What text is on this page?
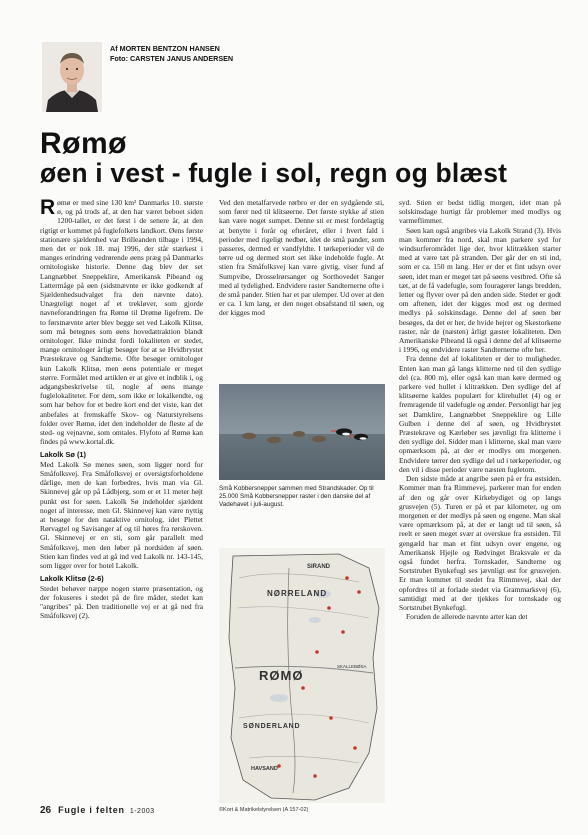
Af MORTEN BENTZON HANSEN
Foto: CARSTEN JANUS ANDERSEN
Rømø
øen i vest - fugle i sol, regn og blæst

Rømø er med sine 130 km² Danmarks 10. største ø, og på trods af, at den har været beboet siden 1200-tallet, er det først i de senere år, at den rigtigt er kommet på fuglefolkets landkort. Øens første stationære sjældenhed var Brilleanden tilbage i 1994, men det er nok 18. maj 1996, der står stærkest i manges erindring vedrørende øens præg på Danmarks ornitologiske historie. Denne dag blev der set Langnæbbet Sneppeklire, Amerikansk Pibeand og Lattermåge på øen (sidstnævnte er ikke godkendt af Sjældenhedsudvalget fra den nævnte dato). Unægteligt noget af et trekløver, som gjorde navneforandringen fra Rømø til Drømø ligefrem. De to førstnævnte arter blev begge set ved Lakolk Klitsø, som må betegnes som øens hovedattraktion blandt ornitologer. Ikke mindst fordi lokaliteten er stedet, mange ornitologer årligt besøger for at se Hvidbrystet Præstekrave og Sandterne. Ofte besøger ornitologer kun Lakolk Klitsø, men øens potentiale er meget større. Formålet med artiklen er at give et indblik i, og adgangsbeskrivelse til, nogle af øens mange fuglelokaliteter. For dem, som ikke er lokalkendte, og som har behov for et bedre kort end det viste, kan det anbefales at fremskaffe Skov- og Naturstyrelsens folder over Rømø, idet den indeholder de fleste af de sted- og vejnavne, som omtales. Flyfoto af Rømø kan findes på www.kortal.dk.

Lakolk Sø (1)

Med Lakolk Sø menes søen, som ligger nord for Småfolksvej. Fra Småfolksvej er oversigtsforholdene dårlige, men de kan forbedres, hvis man via Gl. Skinnevej går op på Lådbjerg, som er et 11 meter højt punkt øst for søen. Lakolk Sø indeholder sjældent noget af interesse, men Gl. Skinnevej kan være nyttig at besøge for den nataktive ornitolog, idet Plettet Rørvagtel og Savisanger af og til høres fra rørskoven. Gl. Skinnevej er en sti, som går parallelt med Småfolksvej, men den løber på nordsiden af søen. Stien kan findes ved at gå ind ved Lakolk nr. 143-145, som ligger over for hotel Lakolk.

Lakolk Klitsø (2-6)

Stedet behøver næppe nogen større præsentation, og der fokuseres i stedet på de fire måder, stedet kan "angribes" på. Den traditionelle vej er at gå ned fra Småfolksvej (2).

Ved den metalfarvede rørbro er der en sydgående sti, som fører ned til klitsøerne. Det første stykke af stien kan være noget sumpet. Denne sti er mest fordelagtig at benytte i forår og efteråret, eller i hvert fald i perioder med rigeligt nedbør, idet de små pander, som passeres, dermed er vandfyldte. I tørkeperioder vil de tørre ud og dermed stort set ikke indeholde fugle. At stien fra Småfolksvej kan være givtig, viser fund af Sumpvibe, Drosselrørsanger og Sorthovedet Sanger med al tydelighed. Endvidere raster Sandternerne ofte i de små pander. Stien har et par ulemper. Ud over at den er ca. 1 km lang, er den noget obsafstand til søen, og der kigges mod

Små Kobbersnepper sammen med Strandskader. Op til 25.000 Små Kobbersnepper raster i den danske del af Vadehavet i juli-august.
SIRAND
NØRRELAND
RØMØ
SØNDERLAND
HAVSAND
SKALLEBØSA
©Kort & Matrikelstyrelsen (A 157-02)

syd. Stien er bedst tidlig morgen, idet man på solskinsdage hurtigt får problemer med modlys og varmeflimmer.

Søen kan også angribes via Lakolk Strand (3). Hvis man kommer fra nord, skal man parkere syd for windsurferområdet lige der, hvor klitrækken starter med at være tæt på stranden. Der går der en sti ind, som er ca. 150 m lang. Her er der et fint udsyn over søen, idet man er meget tæt på søens vestbred. Ofte så tæt, at de få vadefugle, som fouragerer langs bredden, letter og flyver over på den anden side. Stedet er godt om aftenen, idet der kigges mod øst og dermed medlys på solskinsdage. Denne del af søen bør besøges, da det er her, de hvide hejrer og Skestorkene raster, når de (næsten) årligt gæster lokaliteten. Den Amerikanske Pibeand lå også i denne del af klitsøerne i 1996, og endvidere raster Sandternerne ofte her.

Fra denne del af lokaliteten er der to muligheder. Enten kan man gå langs klitterne ned til den sydlige del (ca. 800 m), eller også kan man køre dermed og parkere ved hullet i klitrækken. Den sydlige del af klitsøerne kaldes populært for klirehullet (4) og er fremragende til vadefugle og ænder. Personligt har jeg set Damklire, Langnæbbet Sneppeklire og Lille Gulben i denne del af søen, og Hvidbrystet Præstekrave og Kærløber ses jævnligt fra klitterne i den sydlige del. Sidder man i klitterne, skal man være opmærksom på, at der er modlys om morgenen. Endvidere tørrer den sydlige del ud i tørkeperioder, og den vil i disse perioder være næsten fugletom.

Den sidste måde at angribe søen på er fra østsiden. Kommer man fra Rimmevej, parkerer man for enden af den og går over Kirkebydiget og op langs grusvejen (5). Turen er på et par kilometer, og om morgenen er der medlys på søen og engene. Man skal være opmærksom på, at der er langt ud til søen, så reelt er søen meget svær at overskue fra østsiden. Til gengæld har man et fint udsyn over engene, og Amerikansk Hjejle og Rødvinget Braksvale er da også fundet herfra. Tornskader, Sandterne og Sortstrubet Bynkefugl ses jævnligt øst for grusvejen. Er man kommet til stedet fra Rimmevej, skal der opfordres til at forlade stedet via Grammarksvej (6), samtidigt med at der tjekkes for tornskade og Sortstrubet Bynkefugl.

Foruden de allerede nævnte arter kan det

26 Fugle i felten 1-2003
